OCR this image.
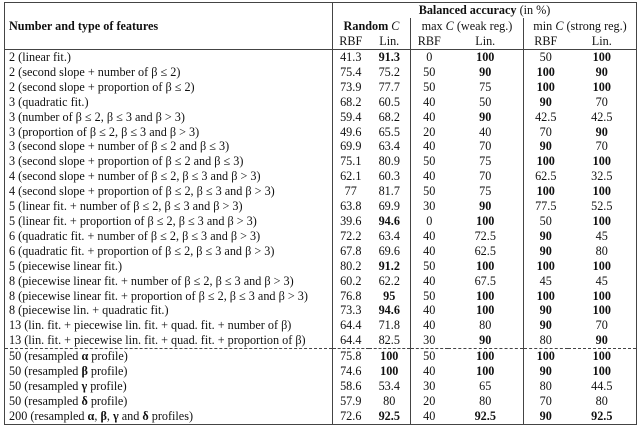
	Balanced accuracy (in %)					
Number and type of features	Random C		max C (weak reg.)		min C (strong reg.)	
	RBF	Lin.	RBF	Lin.	RBF	Lin.
2 (linear fit.)	41.3	91.3	0	100	50	100
2 (second slope + number of β ≤ 2)	75.4	75.2	50	90	100	90
2 (second slope + proportion of β ≤ 2)	73.9	77.7	50	75	100	100
3 (quadratic fit.)	68.2	60.5	40	50	90	70
3 (number of β ≤ 2, β ≤ 3 and β > 3)	59.4	68.2	40	90	42.5	42.5
3 (proportion of β ≤ 2, β ≤ 3 and β > 3)	49.6	65.5	20	40	70	90
3 (second slope + number of β ≤ 2 and β ≤ 3)	69.9	63.4	40	70	90	70
3 (second slope + proportion of β ≤ 2 and β ≤ 3)	75.1	80.9	50	75	100	100
4 (second slope + number of β ≤ 2, β ≤ 3 and β > 3)	62.1	60.3	40	70	62.5	32.5
4 (second slope + proportion of β ≤ 2, β ≤ 3 and β > 3)	77	81.7	50	75	100	100
5 (linear fit. + number of β ≤ 2, β ≤ 3 and β > 3)	63.8	69.9	30	90	77.5	52.5
5 (linear fit. + proportion of β ≤ 2, β ≤ 3 and β > 3)	39.6	94.6	0	100	50	100
6 (quadratic fit. + number of β ≤ 2, β ≤ 3 and β > 3)	72.2	63.4	40	72.5	90	45
6 (quadratic fit. + proportion of β ≤ 2, β ≤ 3 and β > 3)	67.8	69.6	40	62.5	90	80
5 (piecewise linear fit.)	80.2	91.2	50	100	100	100
8 (piecewise linear fit. + number of β ≤ 2, β ≤ 3 and β > 3)	60.2	62.2	40	67.5	45	45
8 (piecewise linear fit. + proportion of β ≤ 2, β ≤ 3 and β > 3)	76.8	95	50	100	100	100
8 (piecewise lin. + quadratic fit.)	73.3	94.6	40	100	90	100
13 (lin. fit. + piecewise lin. fit. + quad. fit. + number of β)	64.4	71.8	40	80	90	70
13 (lin. fit. + piecewise lin. fit. + quad. fit. + proportion of β)	64.4	82.5	30	90	80	90
50 (resampled α profile)	75.8	100	50	100	100	100
50 (resampled β profile)	74.6	100	40	100	90	100
50 (resampled γ profile)	58.6	53.4	30	65	80	44.5
50 (resampled δ profile)	57.9	80	20	80	70	80
200 (resampled α, β, γ and δ profiles)	72.6	92.5	40	92.5	90	92.5
